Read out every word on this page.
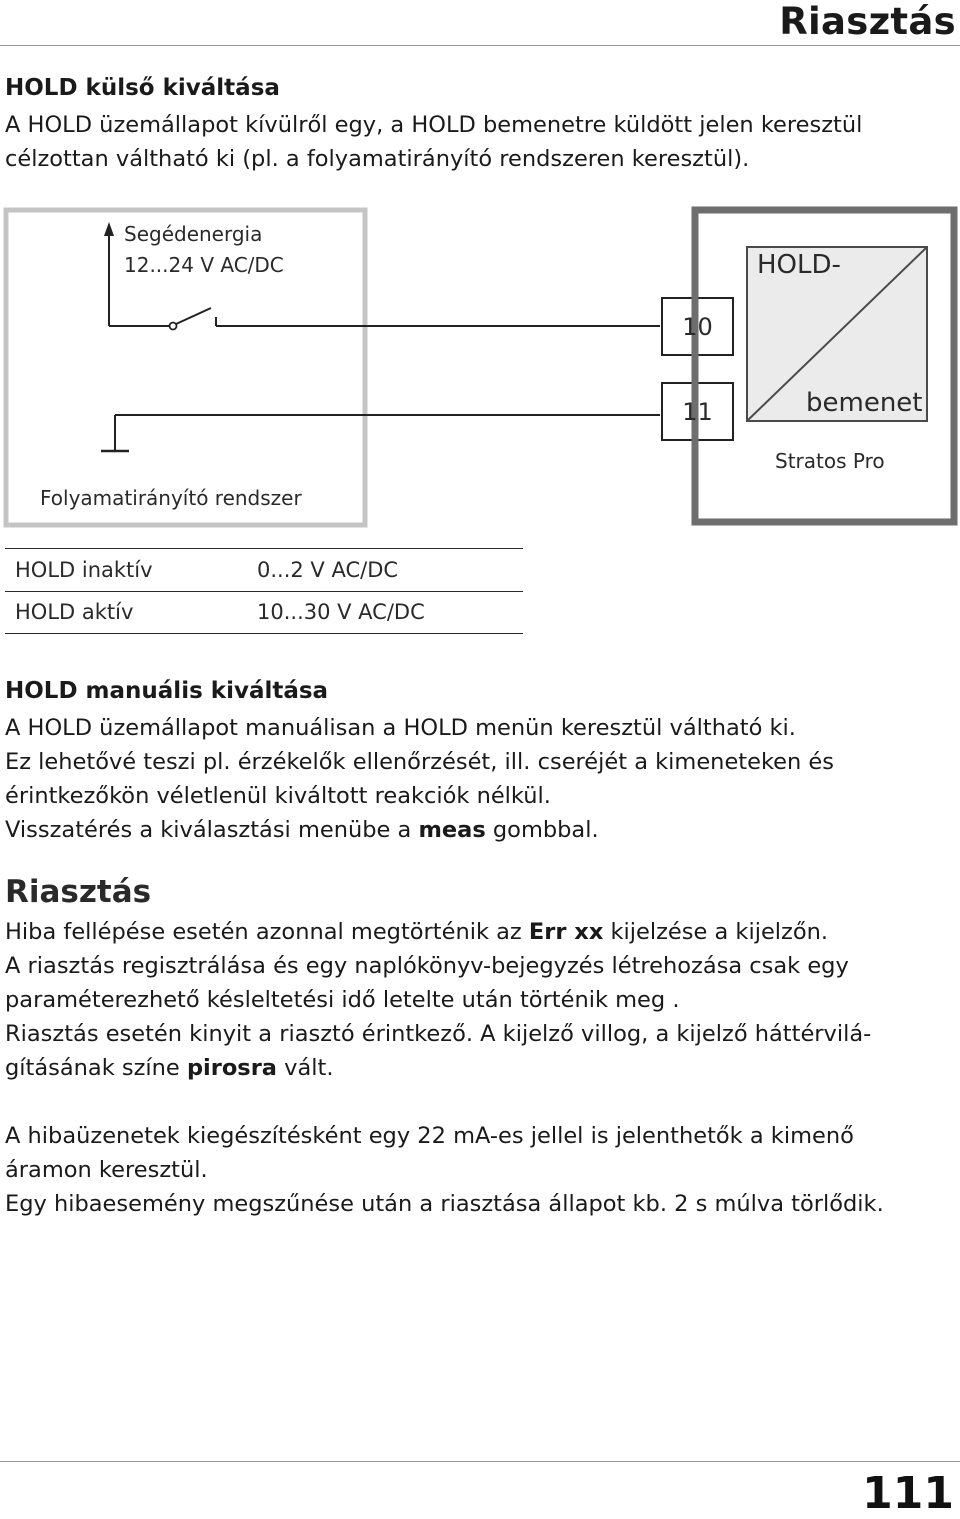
Riasztás
HOLD külső kiváltása
A HOLD üzemállapot kívülről egy, a HOLD bemenetre küldött jelen keresztül
célzottan váltható ki (pl. a folyamatirányító rendszeren keresztül).
Segédenergia
12...24 V AC/DC
Folyamatirányító rendszer
10
11
HOLD-
bemenet
Stratos Pro
HOLD inaktív	0...2 V AC/DC
HOLD aktív	10...30 V AC/DC
HOLD manuális kiváltása
A HOLD üzemállapot manuálisan a HOLD menün keresztül váltható ki.
Ez lehetővé teszi pl. érzékelők ellenőrzését, ill. cseréjét a kimeneteken és
érintkezőkön véletlenül kiváltott reakciók nélkül.
Visszatérés a kiválasztási menübe a meas gombbal.
Riasztás
Hiba fellépése esetén azonnal megtörténik az Err xx kijelzése a kijelzőn.
A riasztás regisztrálása és egy naplókönyv-bejegyzés létrehozása csak egy
paraméterezhető késleltetési idő letelte után történik meg .
Riasztás esetén kinyit a riasztó érintkező. A kijelző villog, a kijelző háttérvilá-
gításának színe pirosra vált.
A hibaüzenetek kiegészítésként egy 22 mA-es jellel is jelenthetők a kimenő
áramon keresztül.
Egy hibaesemény megszűnése után a riasztása állapot kb. 2 s múlva törlődik.
111
